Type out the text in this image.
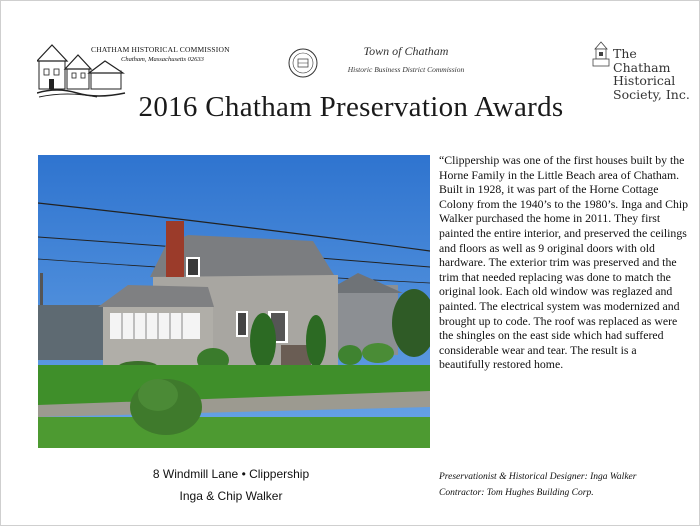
CHATHAM HISTORICAL COMMISSION
Chatham, Massachusetts 02633
Town of Chatham
Historic Business District Commission
The
Chatham
Historical
Society, Inc.
2016 Chatham Preservation Awards
“Clippership was one of the first houses built by the Horne Family in the Little Beach area of Chatham. Built in 1928, it was part of the Horne Cottage Colony from the 1940’s to the 1980’s. Inga and Chip Walker purchased the home in 2011. They first painted the entire interior, and preserved the ceilings and floors as well as 9 original doors with old hardware. The exterior trim was preserved and the trim that needed replacing was done to match the original look. Each old window was reglazed and painted. The electrical system was modernized and brought up to code. The roof was replaced as were the shingles on the east side which had suffered considerable wear and tear. The result is a beautifully restored home.
8 Windmill Lane • Clippership
Inga & Chip Walker
Preservationist & Historical Designer: Inga Walker
Contractor: Tom Hughes Building Corp.
